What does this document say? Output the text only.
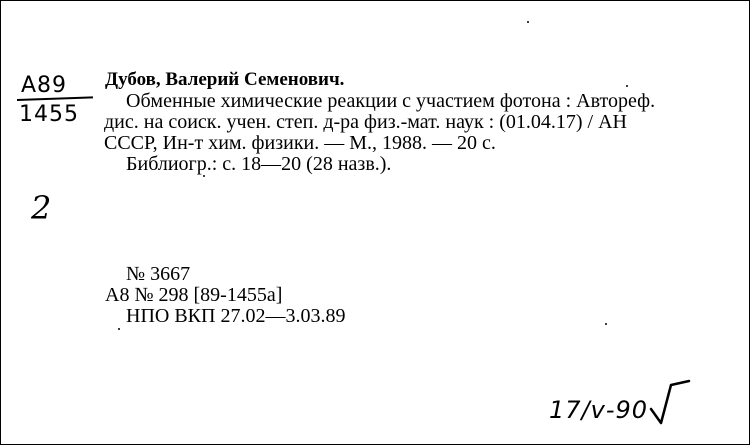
A89
1455
2
Дубов, Валерий Семенович.
Обменные химические реакции с участием фотона : Автореф.
дис. на соиск. учен. степ. д-ра физ.-мат. наук : (01.04.17) / АН
СССР, Ин-т хим. физики. — М., 1988. — 20 с.
Библиогр.: с. 18—20 (28 назв.).
№ 3667
А8 № 298 [89-1455а]
НПО ВКП 27.02—3.03.89
17/v-90
